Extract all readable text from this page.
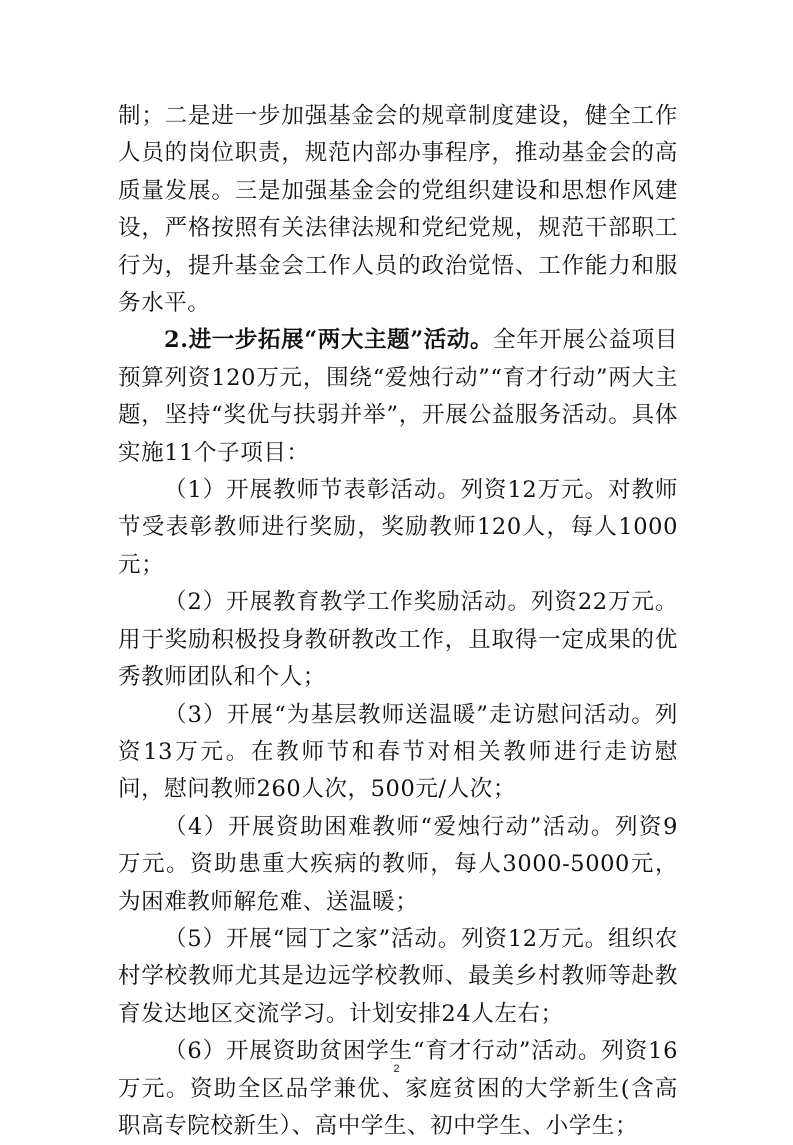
制；二是进一步加强基金会的规章制度建设，健全工作人员的岗位职责，规范内部办事程序，推动基金会的高质量发展。三是加强基金会的党组织建设和思想作风建设，严格按照有关法律法规和党纪党规，规范干部职工行为，提升基金会工作人员的政治觉悟、工作能力和服务水平。

2.进一步拓展“两大主题”活动。全年开展公益项目预算列资120万元，围绕“爱烛行动”“育才行动”两大主题，坚持“奖优与扶弱并举”，开展公益服务活动。具体实施11个子项目：

（1）开展教师节表彰活动。列资12万元。对教师节受表彰教师进行奖励，奖励教师120人，每人1000元；

（2）开展教育教学工作奖励活动。列资22万元。用于奖励积极投身教研教改工作，且取得一定成果的优秀教师团队和个人；

（3）开展“为基层教师送温暖”走访慰问活动。列资13万元。在教师节和春节对相关教师进行走访慰问，慰问教师260人次，500元/人次；

（4）开展资助困难教师“爱烛行动”活动。列资9万元。资助患重大疾病的教师，每人3000-5000元，为困难教师解危难、送温暖；

（5）开展“园丁之家”活动。列资12万元。组织农村学校教师尤其是边远学校教师、最美乡村教师等赴教育发达地区交流学习。计划安排24人左右；

（6）开展资助贫困学生“育才行动”活动。列资16万元。资助全区品学兼优、家庭贫困的大学新生(含高职高专院校新生）、高中学生、初中学生、小学生；

2
